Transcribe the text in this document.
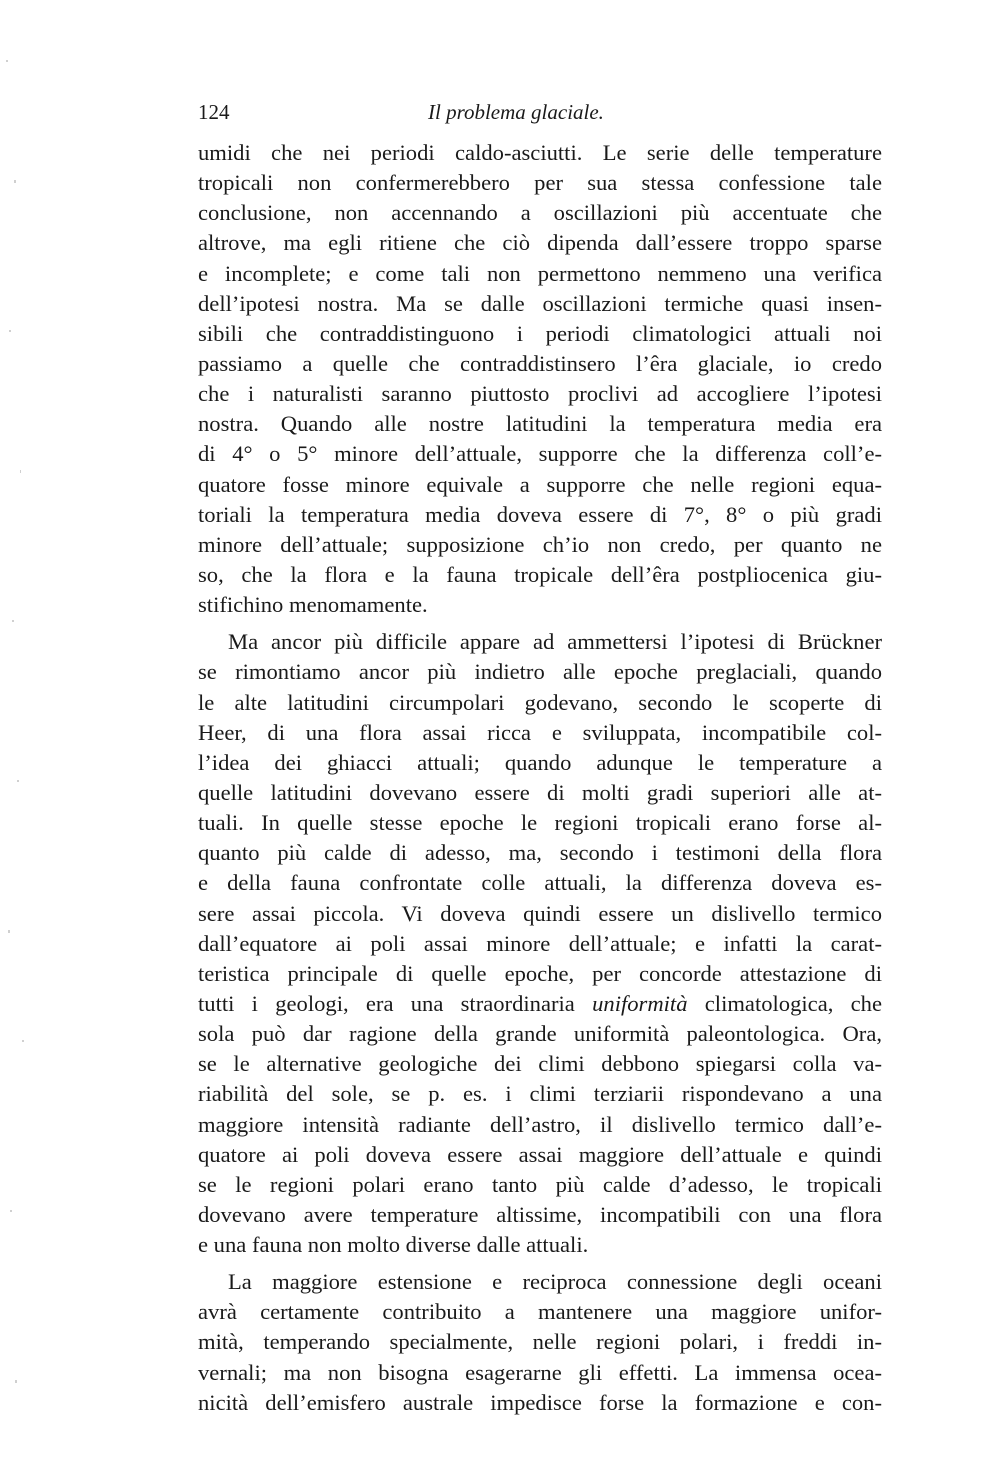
124	Il problema glaciale.
umidi che nei periodi caldo-asciutti. Le serie delle temperature
tropicali non confermerebbero per sua stessa confessione tale
conclusione, non accennando a oscillazioni più accentuate che
altrove, ma egli ritiene che ciò dipenda dall’essere troppo sparse
e incomplete; e come tali non permettono nemmeno una verifica
dell’ipotesi nostra. Ma se dalle oscillazioni termiche quasi insen-
sibili che contraddistinguono i periodi climatologici attuali noi
passiamo a quelle che contraddistinsero l’êra glaciale, io credo
che i naturalisti saranno piuttosto proclivi ad accogliere l’ipotesi
nostra. Quando alle nostre latitudini la temperatura media era
di 4° o 5° minore dell’attuale, supporre che la differenza coll’e-
quatore fosse minore equivale a supporre che nelle regioni equa-
toriali la temperatura media doveva essere di 7°, 8° o più gradi
minore dell’attuale; supposizione ch’io non credo, per quanto ne
so, che la flora e la fauna tropicale dell’êra postpliocenica giu-
stifichino menomamente.
Ma ancor più difficile appare ad ammettersi l’ipotesi di Brückner
se rimontiamo ancor più indietro alle epoche preglaciali, quando
le alte latitudini circumpolari godevano, secondo le scoperte di
Heer, di una flora assai ricca e sviluppata, incompatibile col-
l’idea dei ghiacci attuali; quando adunque le temperature a
quelle latitudini dovevano essere di molti gradi superiori alle at-
tuali. In quelle stesse epoche le regioni tropicali erano forse al-
quanto più calde di adesso, ma, secondo i testimoni della flora
e della fauna confrontate colle attuali, la differenza doveva es-
sere assai piccola. Vi doveva quindi essere un dislivello termico
dall’equatore ai poli assai minore dell’attuale; e infatti la carat-
teristica principale di quelle epoche, per concorde attestazione di
tutti i geologi, era una straordinaria uniformità climatologica, che
sola può dar ragione della grande uniformità paleontologica. Ora,
se le alternative geologiche dei climi debbono spiegarsi colla va-
riabilità del sole, se p. es. i climi terziarii rispondevano a una
maggiore intensità radiante dell’astro, il dislivello termico dall’e-
quatore ai poli doveva essere assai maggiore dell’attuale e quindi
se le regioni polari erano tanto più calde d’adesso, le tropicali
dovevano avere temperature altissime, incompatibili con una flora
e una fauna non molto diverse dalle attuali.
La maggiore estensione e reciproca connessione degli oceani
avrà certamente contribuito a mantenere una maggiore unifor-
mità, temperando specialmente, nelle regioni polari, i freddi in-
vernali; ma non bisogna esagerarne gli effetti. La immensa ocea-
nicità dell’emisfero australe impedisce forse la formazione e con-
